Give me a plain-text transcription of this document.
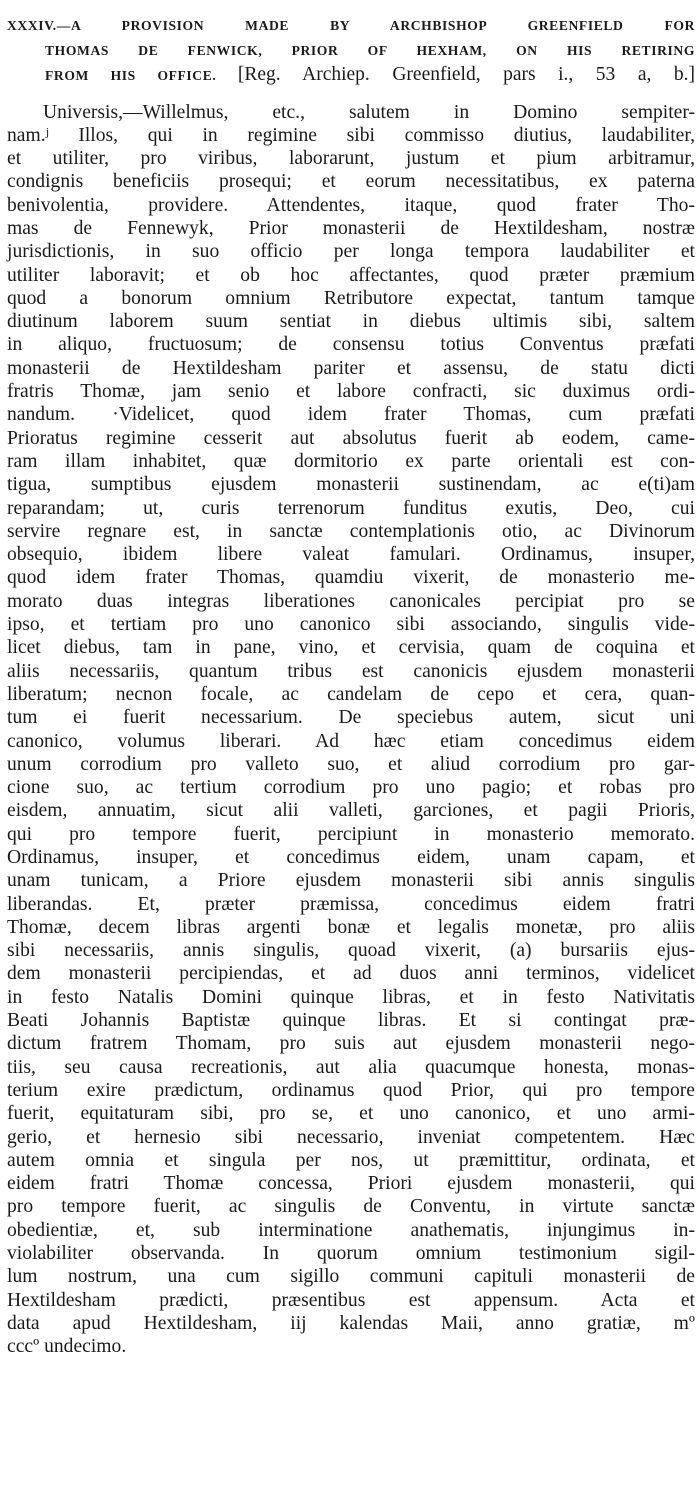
XXXIV.—A PROVISION MADE BY ARCHBISHOP GREENFIELD FOR
THOMAS DE FENWICK, PRIOR OF HEXHAM, ON HIS RETIRING
FROM HIS OFFICE. [Reg. Archiep. Greenfield, pars i., 53 a, b.]
Universis,—Willelmus, etc., salutem in Domino sempiter-
nam.ʲ Illos, qui in regimine sibi commisso diutius, laudabiliter,
et utiliter, pro viribus, laborarunt, justum et pium arbitramur,
condignis beneficiis prosequi; et eorum necessitatibus, ex paterna
benivolentia, providere. Attendentes, itaque, quod frater Tho-
mas de Fennewyk, Prior monasterii de Hextildesham, nostræ
jurisdictionis, in suo officio per longa tempora laudabiliter et
utiliter laboravit; et ob hoc affectantes, quod præter præmium
quod a bonorum omnium Retributore expectat, tantum tamque
diutinum laborem suum sentiat in diebus ultimis sibi, saltem
in aliquo, fructuosum; de consensu totius Conventus præfati
monasterii de Hextildesham pariter et assensu, de statu dicti
fratris Thomæ, jam senio et labore confracti, sic duximus ordi-
nandum. ·Videlicet, quod idem frater Thomas, cum præfati
Prioratus regimine cesserit aut absolutus fuerit ab eodem, came-
ram illam inhabitet, quæ dormitorio ex parte orientali est con-
tigua, sumptibus ejusdem monasterii sustinendam, ac e(ti)am
reparandam; ut, curis terrenorum funditus exutis, Deo, cui
servire regnare est, in sanctæ contemplationis otio, ac Divinorum
obsequio, ibidem libere valeat famulari. Ordinamus, insuper,
quod idem frater Thomas, quamdiu vixerit, de monasterio me-
morato duas integras liberationes canonicales percipiat pro se
ipso, et tertiam pro uno canonico sibi associando, singulis vide-
licet diebus, tam in pane, vino, et cervisia, quam de coquina et
aliis necessariis, quantum tribus est canonicis ejusdem monasterii
liberatum; necnon focale, ac candelam de cepo et cera, quan-
tum ei fuerit necessarium. De speciebus autem, sicut uni
canonico, volumus liberari. Ad hæc etiam concedimus eidem
unum corrodium pro valleto suo, et aliud corrodium pro gar-
cione suo, ac tertium corrodium pro uno pagio; et robas pro
eisdem, annuatim, sicut alii valleti, garciones, et pagii Prioris,
qui pro tempore fuerit, percipiunt in monasterio memorato.
Ordinamus, insuper, et concedimus eidem, unam capam, et
unam tunicam, a Priore ejusdem monasterii sibi annis singulis
liberandas. Et, præter præmissa, concedimus eidem fratri
Thomæ, decem libras argenti bonæ et legalis monetæ, pro aliis
sibi necessariis, annis singulis, quoad vixerit, (a) bursariis ejus-
dem monasterii percipiendas, et ad duos anni terminos, videlicet
in festo Natalis Domini quinque libras, et in festo Nativitatis
Beati Johannis Baptistæ quinque libras. Et si contingat præ-
dictum fratrem Thomam, pro suis aut ejusdem monasterii nego-
tiis, seu causa recreationis, aut alia quacumque honesta, monas-
terium exire prædictum, ordinamus quod Prior, qui pro tempore
fuerit, equitaturam sibi, pro se, et uno canonico, et uno armi-
gerio, et hernesio sibi necessario, inveniat competentem. Hæc
autem omnia et singula per nos, ut præmittitur, ordinata, et
eidem fratri Thomæ concessa, Priori ejusdem monasterii, qui
pro tempore fuerit, ac singulis de Conventu, in virtute sanctæ
obedientiæ, et, sub interminatione anathematis, injungimus in-
violabiliter observanda. In quorum omnium testimonium sigil-
lum nostrum, una cum sigillo communi capituli monasterii de
Hextildesham prædicti, præsentibus est appensum. Acta et
data apud Hextildesham, iij kalendas Maii, anno gratiæ, mº
cccº undecimo.
